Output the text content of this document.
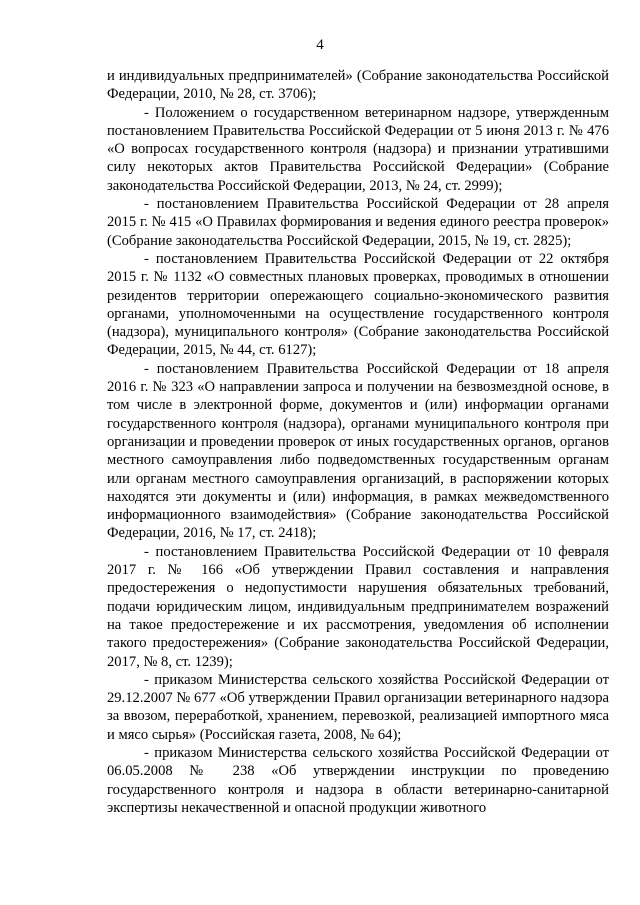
4

и индивидуальных предпринимателей» (Собрание законодательства Российской Федерации, 2010, № 28, ст. 3706);

- Положением о государственном ветеринарном надзоре, утвержденным постановлением Правительства Российской Федерации от 5 июня 2013 г. № 476 «О вопросах государственного контроля (надзора) и признании утратившими силу некоторых актов Правительства Российской Федерации» (Собрание законодательства Российской Федерации, 2013, № 24, ст. 2999);

- постановлением Правительства Российской Федерации от 28 апреля 2015 г. № 415 «О Правилах формирования и ведения единого реестра проверок» (Собрание законодательства Российской Федерации, 2015, № 19, ст. 2825);

- постановлением Правительства Российской Федерации от 22 октября 2015 г. № 1132 «О совместных плановых проверках, проводимых в отношении резидентов территории опережающего социально-экономического развития органами, уполномоченными на осуществление государственного контроля (надзора), муниципального контроля» (Собрание законодательства Российской Федерации, 2015, № 44, ст. 6127);

- постановлением Правительства Российской Федерации от 18 апреля 2016 г. № 323 «О направлении запроса и получении на безвозмездной основе, в том числе в электронной форме, документов и (или) информации органами государственного контроля (надзора), органами муниципального контроля при организации и проведении проверок от иных государственных органов, органов местного самоуправления либо подведомственных государственным органам или органам местного самоуправления организаций, в распоряжении которых находятся эти документы и (или) информация, в рамках межведомственного информационного взаимодействия» (Собрание законодательства Российской Федерации, 2016, № 17, ст. 2418);

- постановлением Правительства Российской Федерации от 10 февраля 2017 г. № 166 «Об утверждении Правил составления и направления предостережения о недопустимости нарушения обязательных требований, подачи юридическим лицом, индивидуальным предпринимателем возражений на такое предостережение и их рассмотрения, уведомления об исполнении такого предостережения» (Собрание законодательства Российской Федерации, 2017, № 8, ст. 1239);

- приказом Министерства сельского хозяйства Российской Федерации от 29.12.2007 № 677 «Об утверждении Правил организации ветеринарного надзора за ввозом, переработкой, хранением, перевозкой, реализацией импортного мяса и мясо сырья» (Российская газета, 2008, № 64);

- приказом Министерства сельского хозяйства Российской Федерации от 06.05.2008 № 238 «Об утверждении инструкции по проведению государственного контроля и надзора в области ветеринарно-санитарной экспертизы некачественной и опасной продукции животного
